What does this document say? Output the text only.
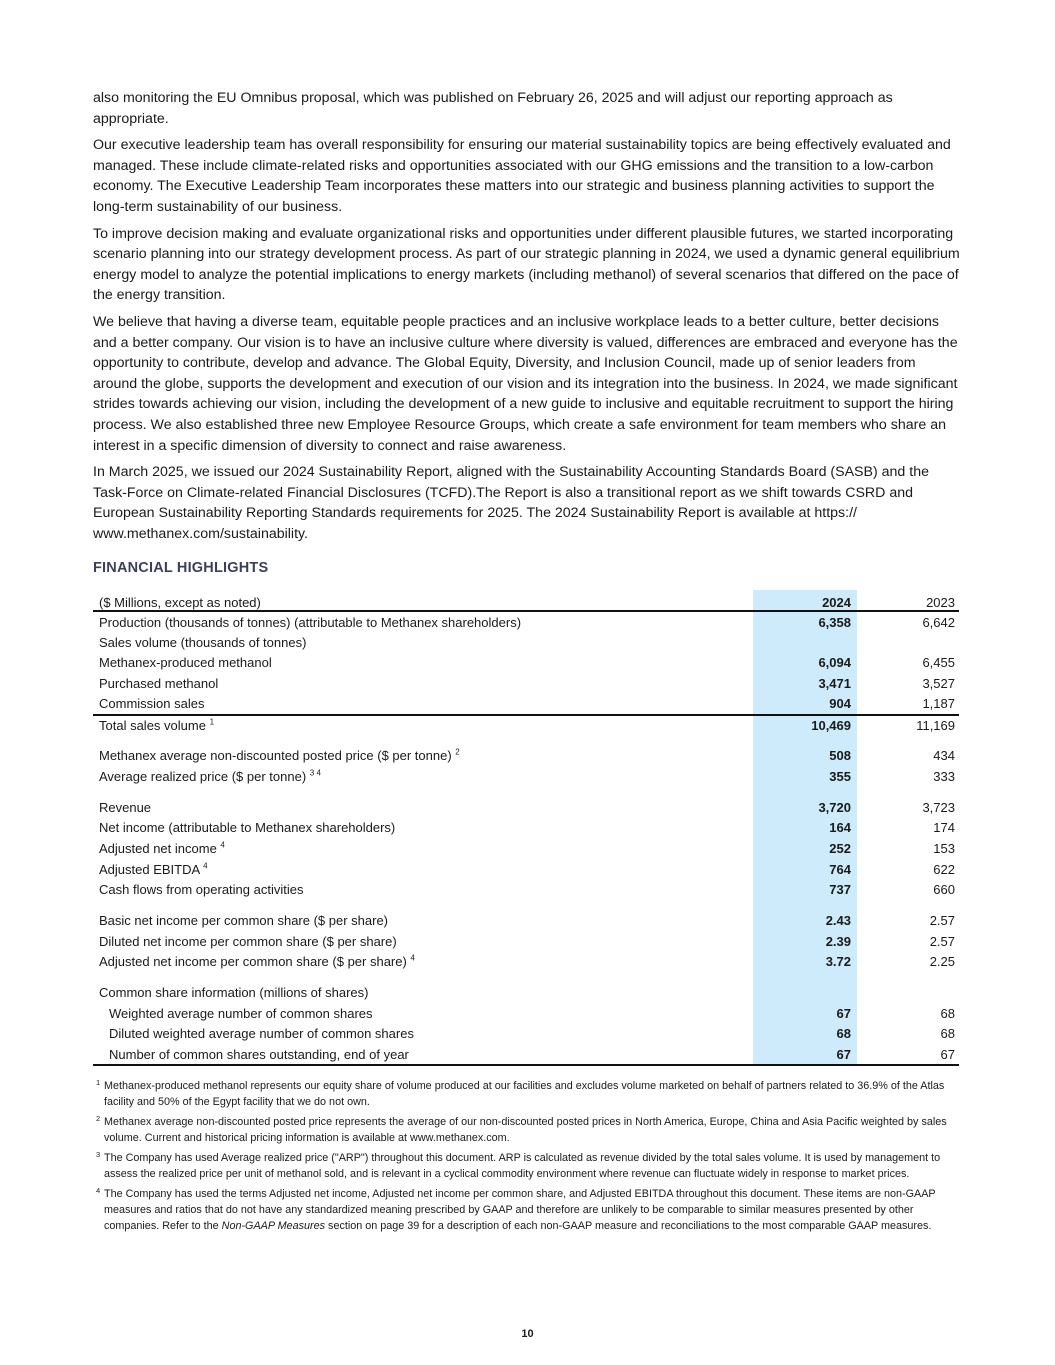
also monitoring the EU Omnibus proposal, which was published on February 26, 2025 and will adjust our reporting approach as appropriate.

Our executive leadership team has overall responsibility for ensuring our material sustainability topics are being effectively evaluated and managed. These include climate-related risks and opportunities associated with our GHG emissions and the transition to a low-carbon economy. The Executive Leadership Team incorporates these matters into our strategic and business planning activities to support the long-term sustainability of our business.

To improve decision making and evaluate organizational risks and opportunities under different plausible futures, we started incorporating scenario planning into our strategy development process. As part of our strategic planning in 2024, we used a dynamic general equilibrium energy model to analyze the potential implications to energy markets (including methanol) of several scenarios that differed on the pace of the energy transition.

We believe that having a diverse team, equitable people practices and an inclusive workplace leads to a better culture, better decisions and a better company. Our vision is to have an inclusive culture where diversity is valued, differences are embraced and everyone has the opportunity to contribute, develop and advance. The Global Equity, Diversity, and Inclusion Council, made up of senior leaders from around the globe, supports the development and execution of our vision and its integration into the business. In 2024, we made significant strides towards achieving our vision, including the development of a new guide to inclusive and equitable recruitment to support the hiring process. We also established three new Employee Resource Groups, which create a safe environment for team members who share an interest in a specific dimension of diversity to connect and raise awareness.

In March 2025, we issued our 2024 Sustainability Report, aligned with the Sustainability Accounting Standards Board (SASB) and the Task-Force on Climate-related Financial Disclosures (TCFD).The Report is also a transitional report as we shift towards CSRD and European Sustainability Reporting Standards requirements for 2025. The 2024 Sustainability Report is available at https:// www.methanex.com/sustainability.

FINANCIAL HIGHLIGHTS
($ Millions, except as noted)	2024	2023
Production (thousands of tonnes) (attributable to Methanex shareholders)	6,358	6,642
Sales volume (thousands of tonnes)		
Methanex-produced methanol	6,094	6,455
Purchased methanol	3,471	3,527
Commission sales	904	1,187
Total sales volume $^1$	10,469	11,169

Methanex average non-discounted posted price ($ per tonne) $^2$	508	434
Average realized price ($ per tonne) $^{3 4}$	355	333

Revenue	3,720	3,723
Net income (attributable to Methanex shareholders)	164	174
Adjusted net income $^4$	252	153
Adjusted EBITDA $^4$	764	622
Cash flows from operating activities	737	660

Basic net income per common share ($ per share)	2.43	2.57
Diluted net income per common share ($ per share)	2.39	2.57
Adjusted net income per common share ($ per share) $^4$	3.72	2.25

Common share information (millions of shares)		
Weighted average number of common shares	67	68
Diluted weighted average number of common shares	68	68
Number of common shares outstanding, end of year	67	67
1 Methanex-produced methanol represents our equity share of volume produced at our facilities and excludes volume marketed on behalf of partners related to 36.9% of the Atlas facility and 50% of the Egypt facility that we do not own.
2 Methanex average non-discounted posted price represents the average of our non-discounted posted prices in North America, Europe, China and Asia Pacific weighted by sales volume. Current and historical pricing information is available at www.methanex.com.
3 The Company has used Average realized price ("ARP") throughout this document. ARP is calculated as revenue divided by the total sales volume. It is used by management to assess the realized price per unit of methanol sold, and is relevant in a cyclical commodity environment where revenue can fluctuate widely in response to market prices.
4 The Company has used the terms Adjusted net income, Adjusted net income per common share, and Adjusted EBITDA throughout this document. These items are non-GAAP measures and ratios that do not have any standardized meaning prescribed by GAAP and therefore are unlikely to be comparable to similar measures presented by other companies. Refer to the Non-GAAP Measures section on page 39 for a description of each non-GAAP measure and reconciliations to the most comparable GAAP measures.
10
